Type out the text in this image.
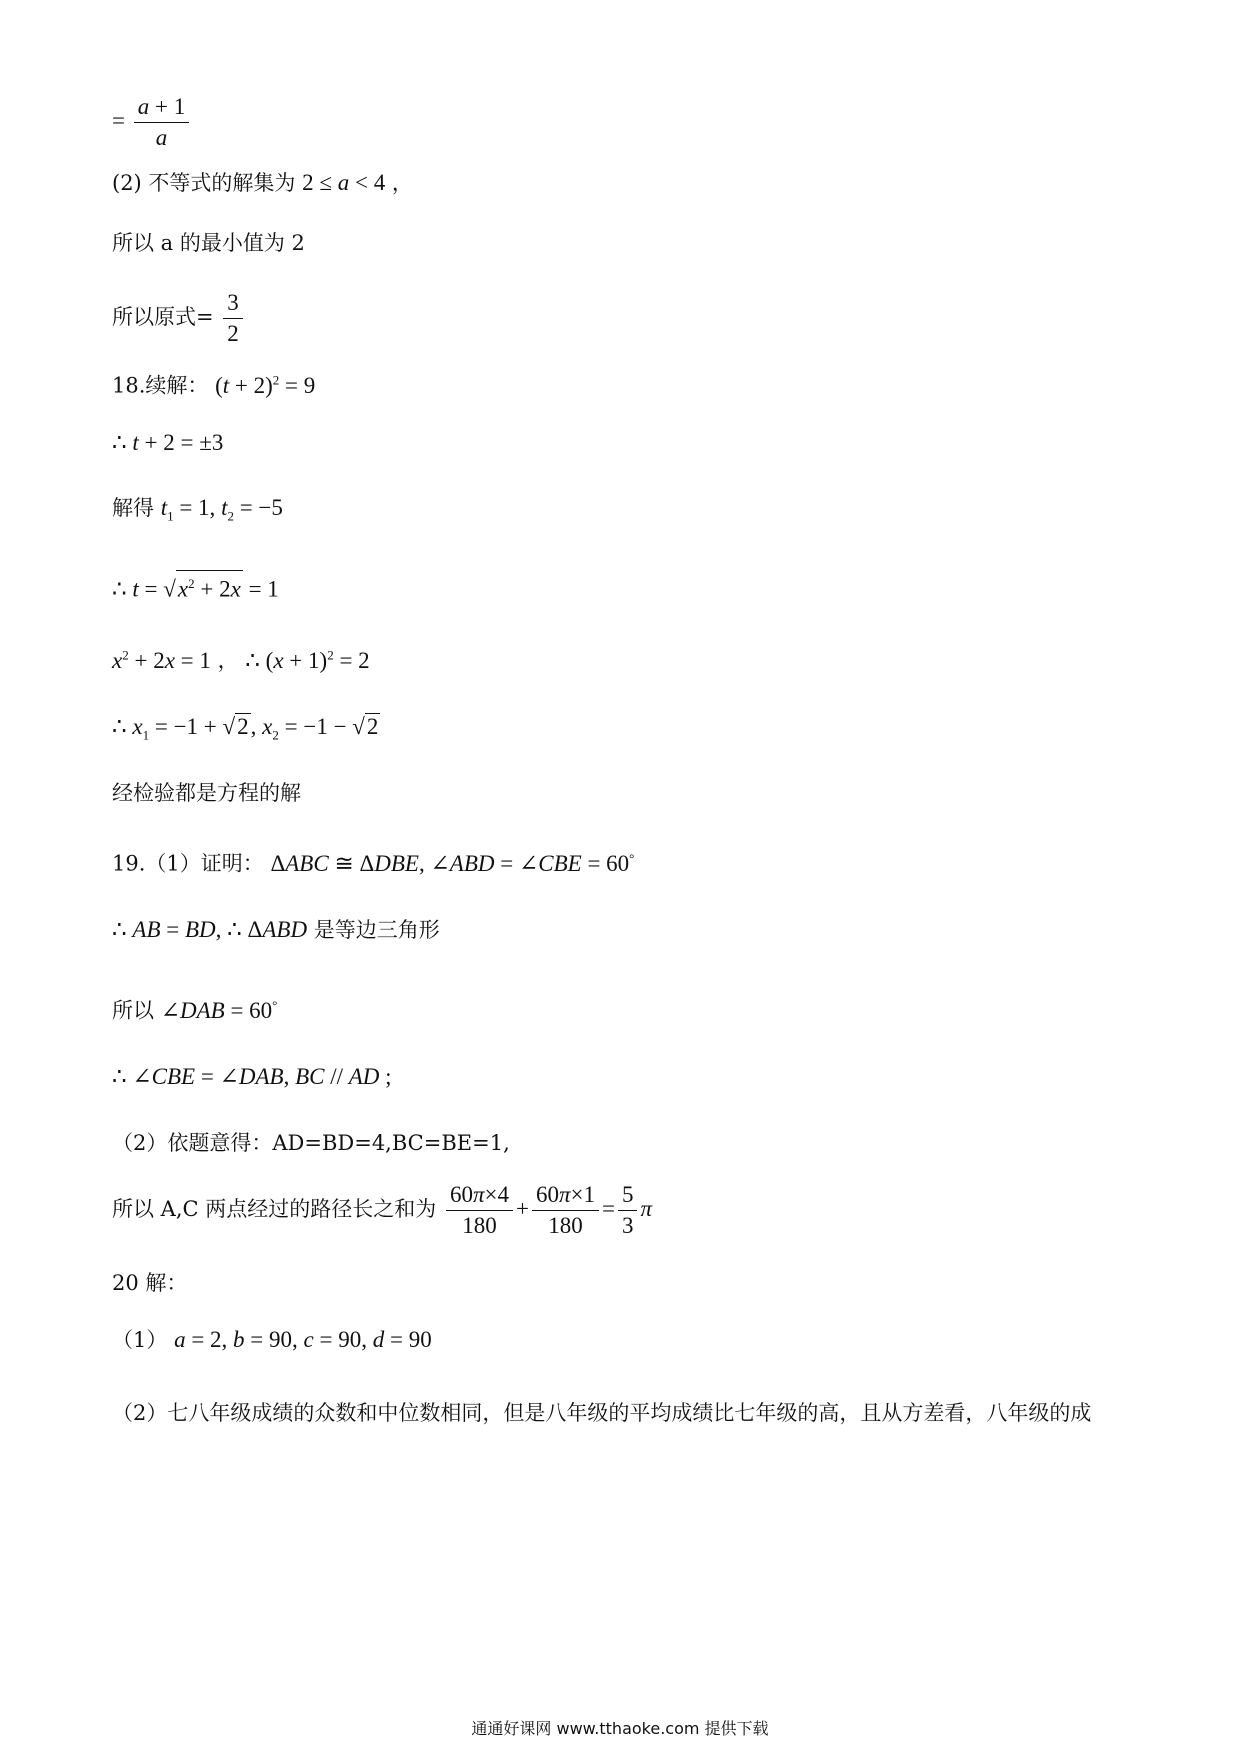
= $\frac{a + 1}{a}$
(2) 不等式的解集为 2 ≤ a < 4 ，
所以 a 的最小值为 2
所以原式= $\frac{3}{2}$
18.续解： $(t + 2)^2 = 9$
∴ t + 2 = ±3
解得 $t_1 = 1$, $t_2 = -5$
∴ $t = √x^2 + 2x = 1$
$x^2 + 2x = 1$ ， ∴ $(x + 1)^2 = 2$
∴ $x_1 = -1 + √2$, $x_2 = -1 - √2$
经检验都是方程的解
19.（1）证明： ΔABC ≅ ΔDBE, ∠ABD = ∠CBE = 60°
∴ AB = BD, ∴ ΔABD 是等边三角形
所以 ∠DAB = 60°
∴ ∠CBE = ∠DAB, BC // AD ;
（2）依题意得：AD=BD=4,BC=BE=1,
所以 A,C 两点经过的路径长之和为 $\frac{60\pi\times 4}{180} + \frac{60\pi\times 1}{180} = \frac{5}{3}$ π
20 解：
（1） a = 2, b = 90, c = 90, d = 90
（2）七八年级成绩的众数和中位数相同，但是八年级的平均成绩比七年级的高，且从方差看，八年级的成
通通好课网 www.tthaoke.com 提供下载
